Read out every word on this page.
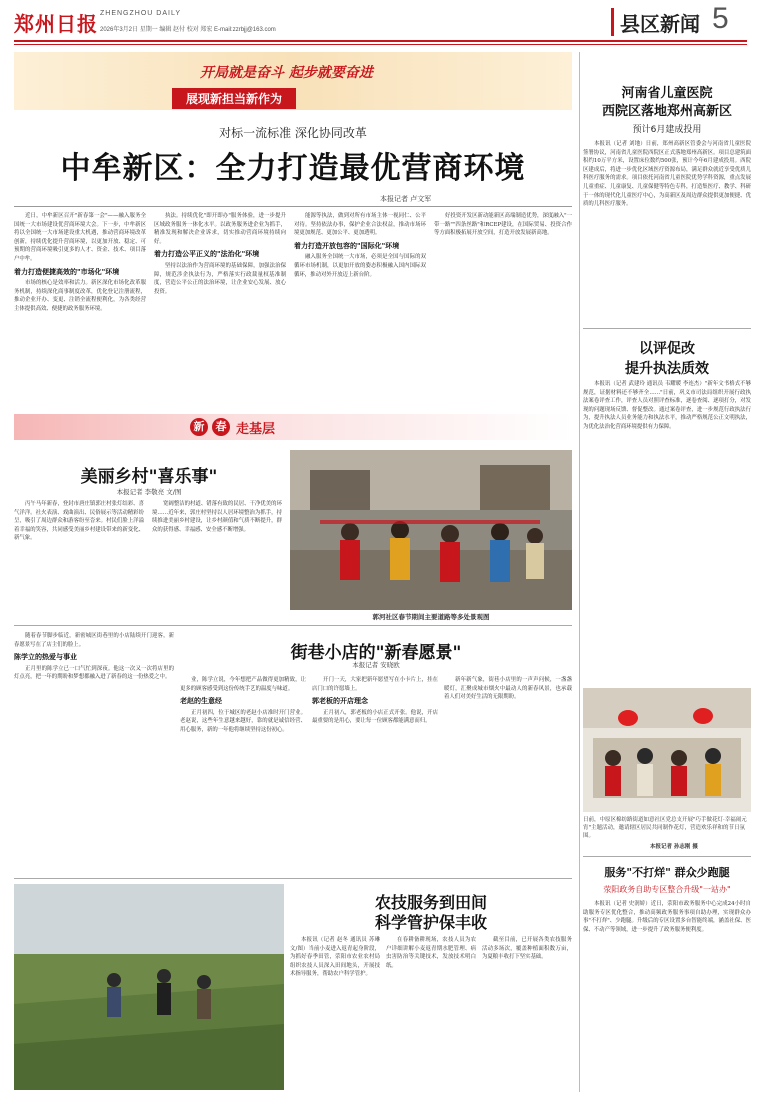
郑州日报 ZHENGZHOU DAILY
2026年3月2日 星期一 编辑 赵付 校对 郑宏 E-mail:zzrbjj@163.com	县区新闻 5
开局就是奋斗 起步就要奋进
展现新担当新作为
对标一流标准 深化协同改革
中牟新区：全力打造最优营商环境
本报记者 卢文军

近日，中牟新区召开"新春第一会"——融入服务全国统一大市场建设优营商环境大会。下一步，中牟新区将以全国统一大市场建设重大机遇，推动营商环境改革创新，持续优化提升营商环境，以更加开放、稳定、可预期的营商环境吸引更多的人才、资金、技术、项目落户中牟。

着力打造便捷高效的"市场化"环境

市场的核心是效率和活力。新区深化市场化改革服务机制，持续深化商事制度改革，优化登记注册流程，推动企业开办、变更、注销全流程便利化，为各类经营主体提供高效、便捷的政务服务环境。

执法。持续优化"即开即办"服务体验，进一步提升区域政务服务一体化水平。以政务服务进企业为抓手，精准发现和解决企业诉求，切实推动营商环境持续向好。

着力打造公平正义的"法治化"环境

坚持以法治作为营商环境的基础保障，加强法治保障，规范涉企执法行为，严格落实行政裁量权基准制度，营造公平公正的法治环境，让企业安心发展、放心投资。

能源等执法，做到对所有市场主体一视同仁、公平对待。坚持依法办事，保护企业合法权益，推动市场环境更加规范、更加公平、更加透明。

着力打造开放包容的"国际化"环境

融入服务全国统一大市场，必须是全国与国际的双循环市场机制，以更加开放的姿态积极融入国内国际双循环，推动对外开放迈上新台阶。

好投资开发区新动能新区高端制造优势，深度融入"一带一路""四条丝路"和RCEP建设，在国际贸易、投资合作等方面积极拓展开放空间，打造开放发展新高地。

新	春 走基层
美丽乡村"喜乐事"
本报记者 李敬亮 文/图

丙午马年新春，登封市唐庄镇郭庄村张灯结彩、喜气洋洋。社火表演、戏曲演出、民俗展示等活动精彩纷呈，吸引了周边群众和游客纷至沓来。村民们脸上洋溢着幸福的笑容，共同感受美丽乡村建设带来的新变化、新气象。

宽阔整洁的村道、错落有致的民居、干净优美的环境……近年来，郭庄村坚持以人居环境整治为抓手，持续推进美丽乡村建设，让乡村颜值和气质不断提升，群众的获得感、幸福感、安全感不断增强。

郭河社区春节期间主要道路等多处景观图
街巷小店的"新春愿景"
本报记者 安晓欧

随着春节脚步临近，新密城区街巷里的小店陆续开门迎客，新春愿景写在了店主们的脸上。

陈学立的热爱与事业

正月里的陈学立已一口气忙到深夜。他这一次又一次将店里的灯点亮，把一年的期盼和梦想都融入进了新春的这一份热爱之中。	业，陈学立说，今年想把产品做得更加精致，让更多的顾客感受到这份传统手艺的温度与味道。

老赵的生意经

正月初四，位于城区的老赵小店准时开门营业。老赵说，这些年生意越来越好，靠的就是诚信经营、用心服务，新的一年他将继续坚持这份初心。

开门一天，大家把新年愿望写在小卡片上，挂在店门口的许愿墙上。

郭老板的开店理念

正月初八，郭老板的小店正式开张。他说，开店最重要的是用心，要让每一位顾客都能满意而归。

新年新气象，街巷小店里的一声声问候，一盏盏暖灯，汇聚成城市烟火中最动人的新春风景，也承载着人们对美好生活的无限期盼。

农技服务到田间
科学管护保丰收

本报讯（记者 赵冬 通讯员 苏琳 文/图）当前小麦进入返青起身阶段，为抓好春季田管，荥阳市农业农村局组织农技人员深入田间地头，开展技术指导服务，帮助农户科学管护。

在春耕备耕现场，农技人员为农户详细讲解小麦返青期水肥管理、病虫害防治等关键技术，发放技术明白纸。

截至目前，已开展各类农技服务活动多场次，覆盖种植面积数万亩，为夏粮丰收打下坚实基础。

河南省儿童医院
西院区落地郑州高新区
预计6月建成投用

本报讯（记者 刘地）日前，郑州高新区管委会与河南省儿童医院签署协议，河南省儿童医院西院区正式落地郑州高新区。项目总建筑面积约10万平方米，设置床位数约500张，预计今年6月建成投用。西院区建成后，将进一步优化区域医疗资源布局，满足群众就近享受优质儿科医疗服务的需求。项目依托河南省儿童医院优势学科资源，重点发展儿童重症、儿童康复、儿童保健等特色专科，打造集医疗、教学、科研于一体的现代化儿童医疗中心，为高新区及周边群众提供更加便捷、优质的儿科医疗服务。

以评促改
提升执法质效

本报讯（记者 武建玲 通讯员 韦耀暖 李连杰）"新年文书格式不够规范，证据材料还不够齐全……"日前，巩义市司法局组织开展行政执法案卷评查工作，评查人员对照评查标准，逐卷查阅、逐项打分，对发现的问题现场反馈、督促整改。通过案卷评查，进一步规范行政执法行为，提升执法人员业务能力和执法水平，推动严格规范公正文明执法，为优化法治化营商环境提供有力保障。

日前，中原区棉纺路街道如意社区党总支开展"巧手做花灯·幸福闹元宵"主题活动，邀请辖区居民共同制作花灯，营造欢乐祥和的节日氛围。
本报记者 孙志刚 摄
服务"不打烊" 群众少跑腿
荥阳政务自助专区整合升级"一站办"

本报讯（记者 史润娇）近日，荥阳市政务服务中心完成24小时自助服务专区优化整合，推动高频政务服务事项自助办理，实现群众办事"不打烊"、少跑腿。升级后的专区设置多台智能终端，涵盖社保、医保、不动产等领域，进一步提升了政务服务便利度。
